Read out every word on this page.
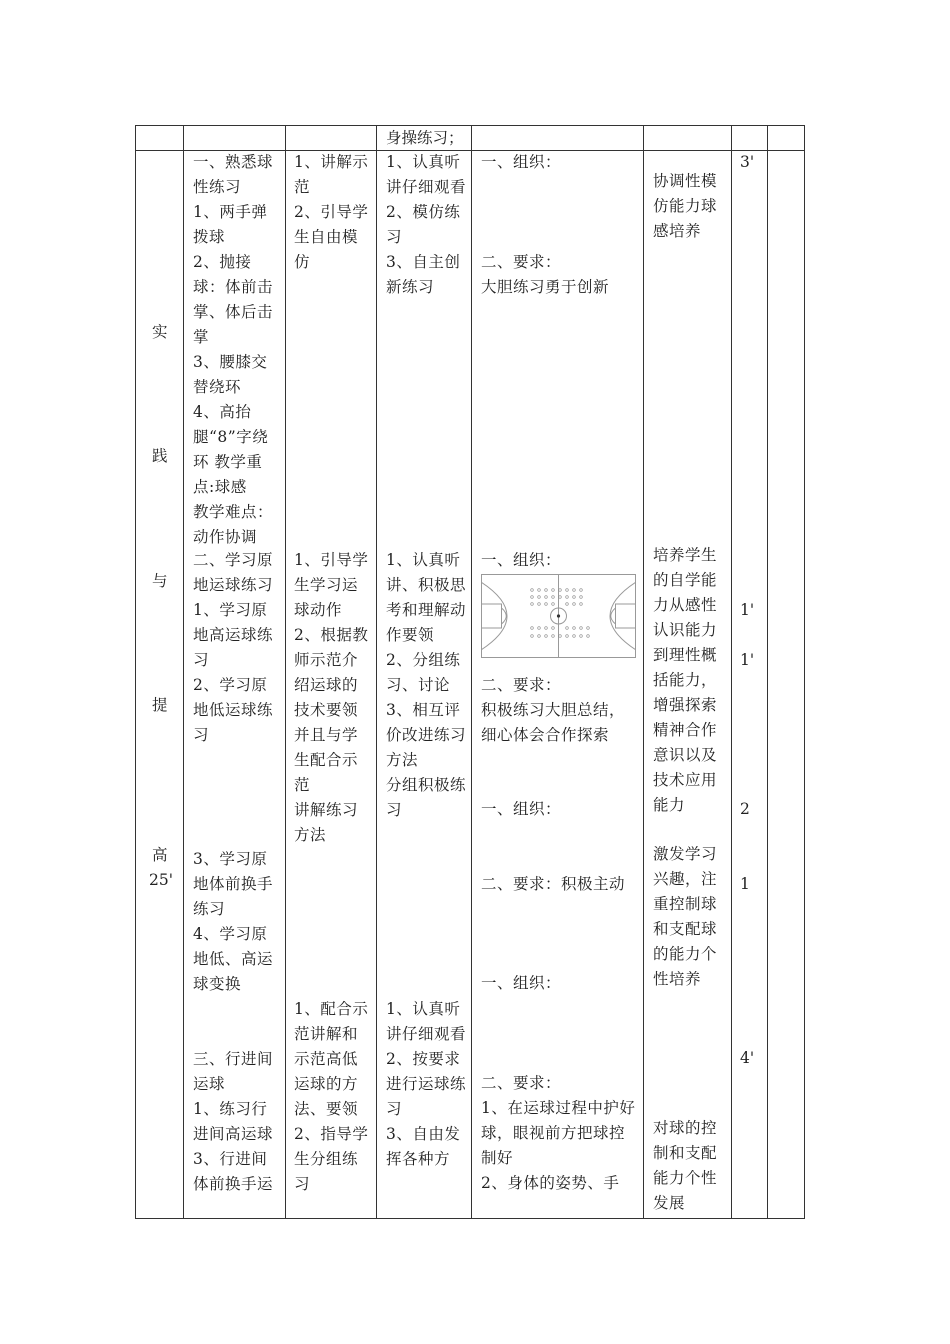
身操练习；
实
践
与
提
高
25'
一、熟悉球性练习
1、两手弹拨球
2、抛接球：体前击掌、体后击掌
3、腰膝交替绕环
4、高抬腿“8”字绕环 教学重点:球感
教学难点：动作协调
二、学习原地运球练习
1、学习原地高运球练习
2、学习原地低运球练习
3、学习原地体前换手练习
4、学习原地低、高运球变换
三、行进间运球
1、练习行进间高运球
3、行进间体前换手运
1、讲解示范
2、引导学生自由模仿
1、引导学生学习运球动作
2、根据教师示范介绍运球的技术要领并且与学生配合示范
讲解练习方法
1、配合示范讲解和示范高低运球的方法、要领
2、指导学生分组练习
1、认真听讲仔细观看
2、模仿练习
3、自主创新练习
1、认真听讲、积极思考和理解动作要领
2、分组练习、讨论
3、相互评价改进练习方法
分组积极练习
1、认真听讲仔细观看
2、按要求进行运球练习
3、自由发挥各种方
一、组织：
二、要求：
大胆练习勇于创新
一、组织：
二、要求：
积极练习大胆总结，细心体会合作探索
一、组织：
二、要求：积极主动
一、组织：
二、要求：
1、在运球过程中护好球，眼视前方把球控制好
2、身体的姿势、手
协调性模仿能力球感培养
培养学生的自学能力从感性认识能力到理性概括能力，增强探索精神合作意识以及技术应用能力
激发学习兴趣，注重控制球和支配球的能力个性培养
对球的控制和支配能力个性发展
3'
1'
1'
2
1
4'
